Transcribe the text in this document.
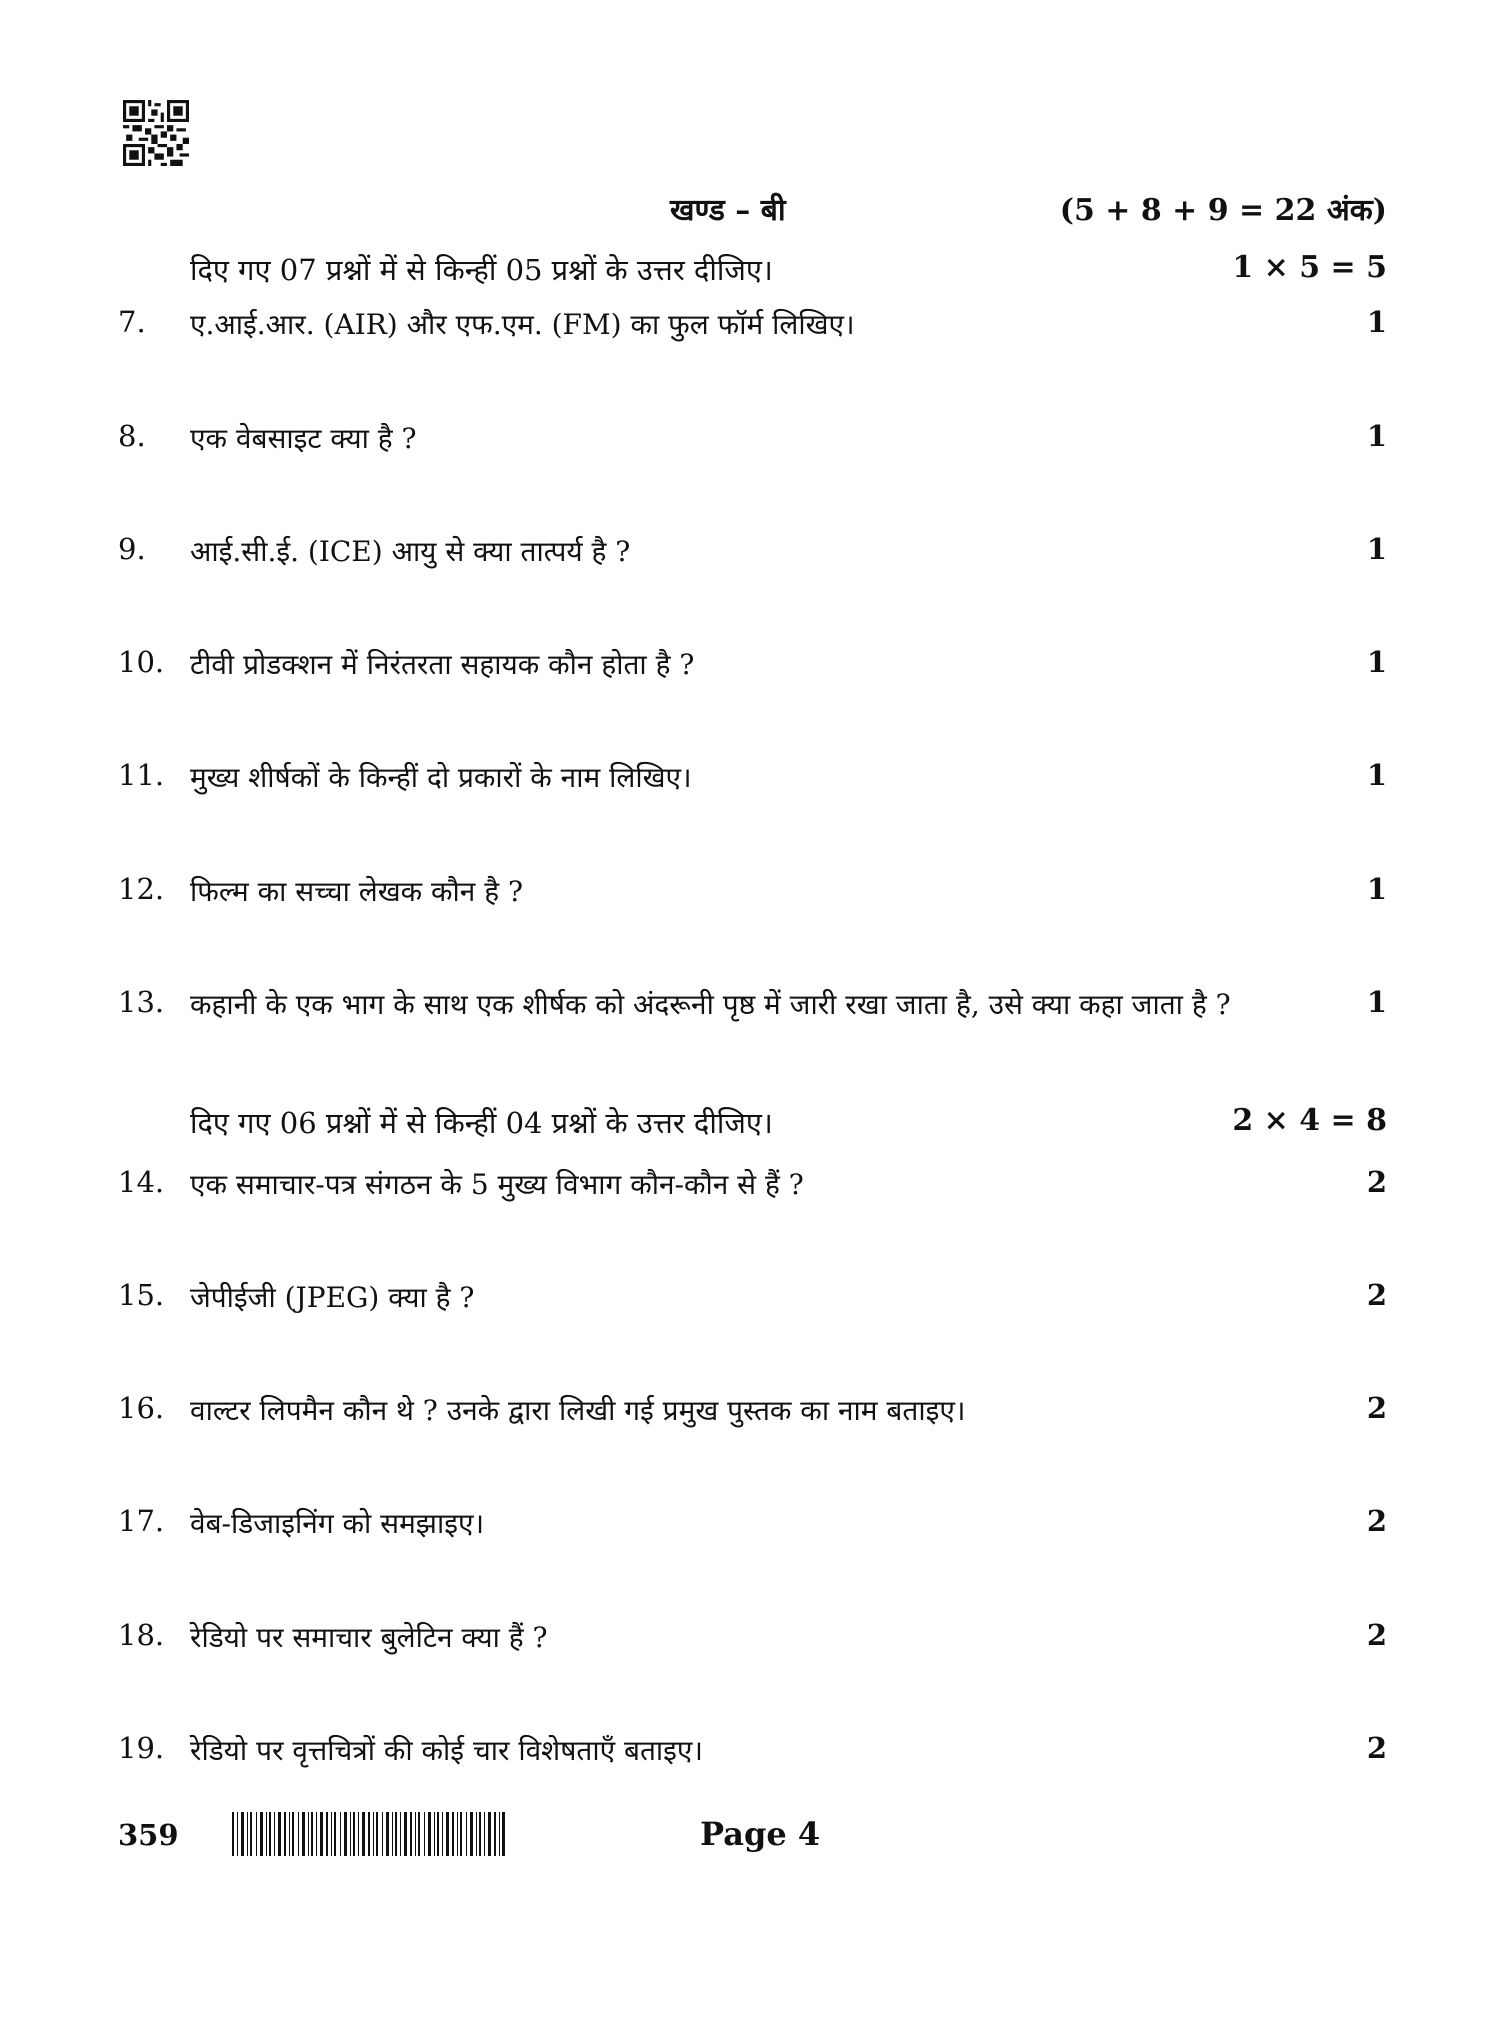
खण्ड – बी	(5 + 8 + 9 = 22 अंक)
दिए गए 07 प्रश्नों में से किन्हीं 05 प्रश्नों के उत्तर दीजिए।	1 × 5 = 5
7.	ए.आई.आर. (AIR) और एफ.एम. (FM) का फुल फॉर्म लिखिए।	1
8.	एक वेबसाइट क्या है ?	1
9.	आई.सी.ई. (ICE) आयु से क्या तात्पर्य है ?	1
10. टीवी प्रोडक्शन में निरंतरता सहायक कौन होता है ?	1
11. मुख्य शीर्षकों के किन्हीं दो प्रकारों के नाम लिखिए।	1
12. फिल्म का सच्चा लेखक कौन है ?	1
13. कहानी के एक भाग के साथ एक शीर्षक को अंदरूनी पृष्ठ में जारी रखा जाता है, उसे क्या कहा जाता है ?	1
दिए गए 06 प्रश्नों में से किन्हीं 04 प्रश्नों के उत्तर दीजिए।	2 × 4 = 8
14. एक समाचार-पत्र संगठन के 5 मुख्य विभाग कौन-कौन से हैं ?	2
15. जेपीईजी (JPEG) क्या है ?	2
16. वाल्टर लिपमैन कौन थे ? उनके द्वारा लिखी गई प्रमुख पुस्तक का नाम बताइए।	2
17. वेब-डिजाइनिंग को समझाइए।	2
18. रेडियो पर समाचार बुलेटिन क्या हैं ?	2
19. रेडियो पर वृत्तचित्रों की कोई चार विशेषताएँ बताइए।	2
359	Page 4
